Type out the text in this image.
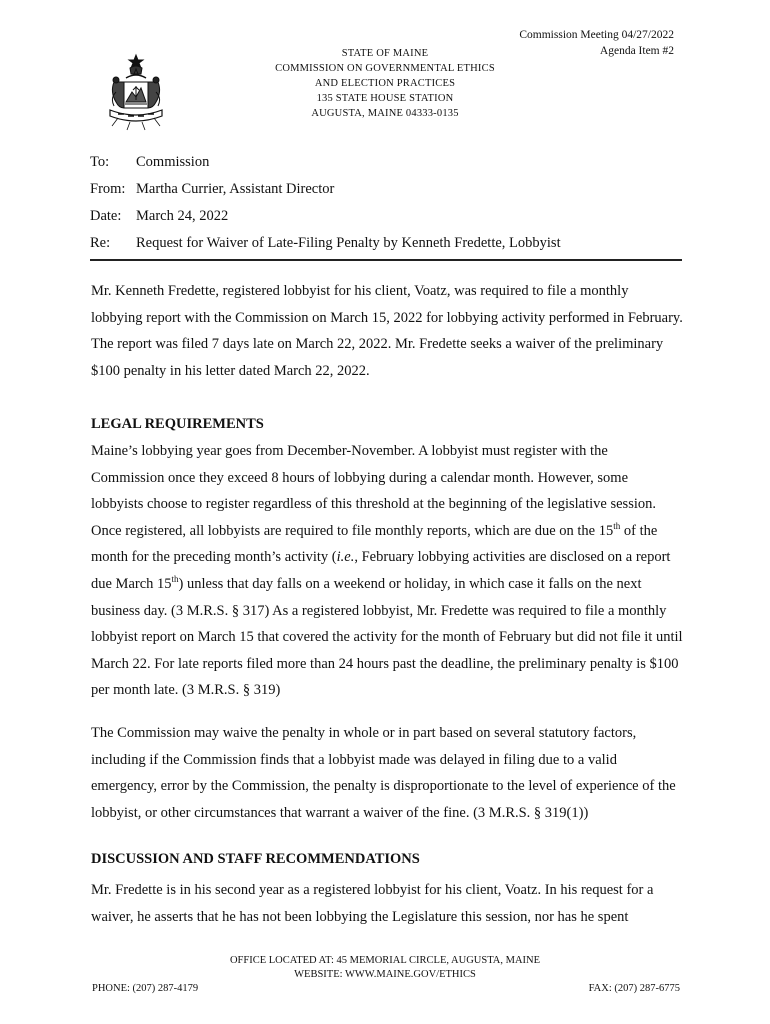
Commission Meeting 04/27/2022
Agenda Item #2
STATE OF MAINE
COMMISSION ON GOVERNMENTAL ETHICS
AND ELECTION PRACTICES
135 STATE HOUSE STATION
AUGUSTA, MAINE 04333-0135
To: Commission
From: Martha Currier, Assistant Director
Date: March 24, 2022
Re: Request for Waiver of Late-Filing Penalty by Kenneth Fredette, Lobbyist

Mr. Kenneth Fredette, registered lobbyist for his client, Voatz, was required to file a monthly lobbying report with the Commission on March 15, 2022 for lobbying activity performed in February. The report was filed 7 days late on March 22, 2022. Mr. Fredette seeks a waiver of the preliminary $100 penalty in his letter dated March 22, 2022.

LEGAL REQUIREMENTS

Maine’s lobbying year goes from December-November. A lobbyist must register with the Commission once they exceed 8 hours of lobbying during a calendar month. However, some lobbyists choose to register regardless of this threshold at the beginning of the legislative session. Once registered, all lobbyists are required to file monthly reports, which are due on the 15th of the month for the preceding month’s activity (i.e., February lobbying activities are disclosed on a report due March 15th) unless that day falls on a weekend or holiday, in which case it falls on the next business day. (3 M.R.S. § 317) As a registered lobbyist, Mr. Fredette was required to file a monthly lobbyist report on March 15 that covered the activity for the month of February but did not file it until March 22. For late reports filed more than 24 hours past the deadline, the preliminary penalty is $100 per month late. (3 M.R.S. § 319)

The Commission may waive the penalty in whole or in part based on several statutory factors, including if the Commission finds that a lobbyist made was delayed in filing due to a valid emergency, error by the Commission, the penalty is disproportionate to the level of experience of the lobbyist, or other circumstances that warrant a waiver of the fine. (3 M.R.S. § 319(1))

DISCUSSION AND STAFF RECOMMENDATIONS

Mr. Fredette is in his second year as a registered lobbyist for his client, Voatz. In his request for a waiver, he asserts that he has not been lobbying the Legislature this session, nor has he spent

OFFICE LOCATED AT: 45 MEMORIAL CIRCLE, AUGUSTA, MAINE
WEBSITE: WWW.MAINE.GOV/ETHICS
PHONE: (207) 287-4179	FAX: (207) 287-6775
